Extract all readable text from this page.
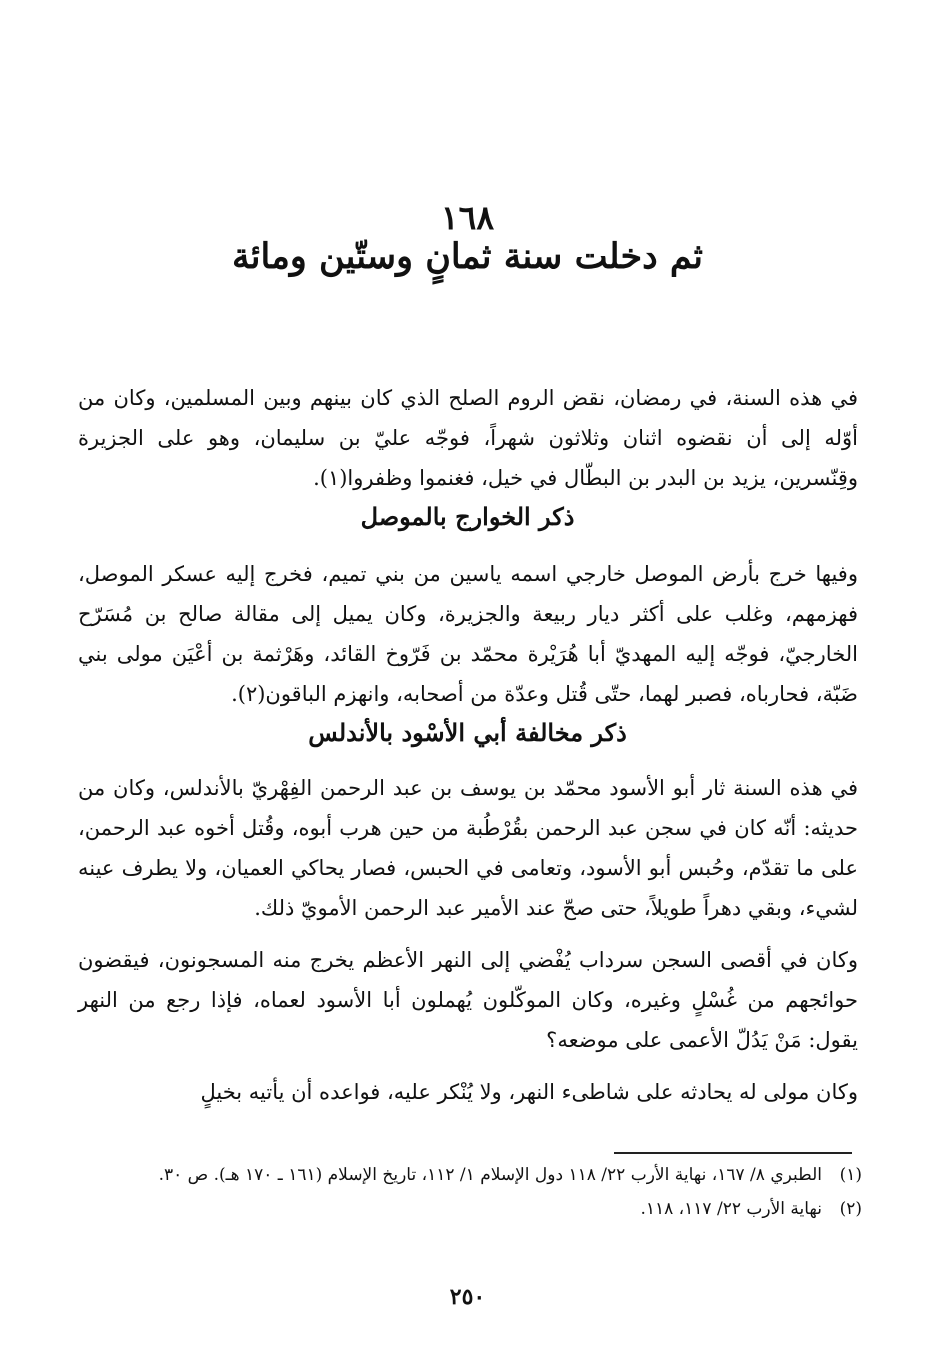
١٦٨
ثم دخلت سنة ثمانٍ وستّين ومائة

في هذه السنة، في رمضان، نقض الروم الصلح الذي كان بينهم وبين المسلمين، وكان من أوّله إلى أن نقضوه اثنان وثلاثون شهراً، فوجّه عليّ بن سليمان، وهو على الجزيرة وقِنّسرين، يزيد بن البدر بن البطّال في خيل، فغنموا وظفروا(١).

ذكر الخوارج بالموصل

وفيها خرج بأرض الموصل خارجي اسمه ياسين من بني تميم، فخرج إليه عسكر الموصل، فهزمهم، وغلب على أكثر ديار ربيعة والجزيرة، وكان يميل إلى مقالة صالح بن مُسَرّح الخارجيّ، فوجّه إليه المهديّ أبا هُرَيْرة محمّد بن فَرّوخ القائد، وهَرْثمة بن أعْيَن مولى بني ضَبّة، فحارباه، فصبر لهما، حتّى قُتل وعدّة من أصحابه، وانهزم الباقون(٢).

ذكر مخالفة أبي الأسْود بالأندلس

في هذه السنة ثار أبو الأسود محمّد بن يوسف بن عبد الرحمن الفِهْريّ بالأندلس، وكان من حديثه: أنّه كان في سجن عبد الرحمن بقُرْطُبة من حين هرب أبوه، وقُتل أخوه عبد الرحمن، على ما تقدّم، وحُبس أبو الأسود، وتعامى في الحبس، فصار يحاكي العميان، ولا يطرف عينه لشيء، وبقي دهراً طويلاً، حتى صحّ عند الأمير عبد الرحمن الأمويّ ذلك.

وكان في أقصى السجن سرداب يُفْضي إلى النهر الأعظم يخرج منه المسجونون، فيقضون حوائجهم من غُسْلٍ وغيره، وكان الموكّلون يُهملون أبا الأسود لعماه، فإذا رجع من النهر يقول: مَنْ يَدُلّ الأعمى على موضعه؟

وكان مولى له يحادثه على شاطىء النهر، ولا يُنْكر عليه، فواعده أن يأتيه بخيلٍ

(١)
الطبري ٨/ ١٦٧، نهاية الأرب ٢٢/ ١١٨ دول الإسلام ١/ ١١٢، تاريخ الإسلام (١٦١ ـ ١٧٠ هـ). ص ٣٠.
(٢)
نهاية الأرب ٢٢/ ١١٧، ١١٨.
٢٥٠
